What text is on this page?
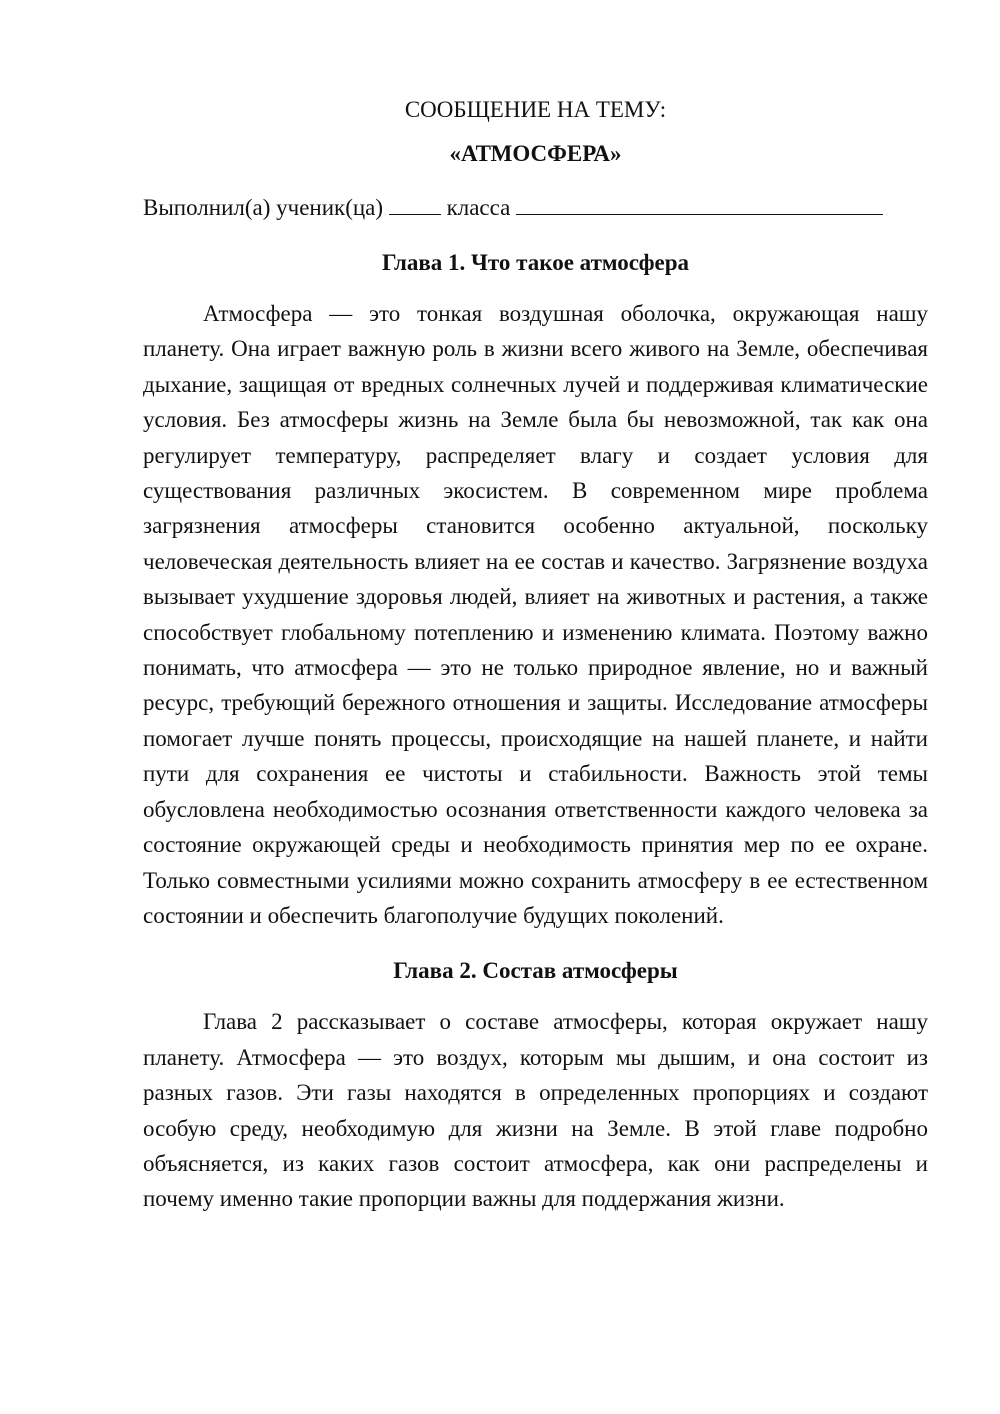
СООБЩЕНИЕ НА ТЕМУ:

«АТМОСФЕРА»

Выполнил(а) ученик(ца)	класса

Глава 1. Что такое атмосфера

Атмосфера — это тонкая воздушная оболочка, окружающая нашу планету. Она играет важную роль в жизни всего живого на Земле, обеспечивая дыхание, защищая от вредных солнечных лучей и поддерживая климатические условия. Без атмосферы жизнь на Земле была бы невозможной, так как она регулирует температуру, распределяет влагу и создает условия для существования различных экосистем. В современном мире проблема загрязнения атмосферы становится особенно актуальной, поскольку человеческая деятельность влияет на ее состав и качество. Загрязнение воздуха вызывает ухудшение здоровья людей, влияет на животных и растения, а также способствует глобальному потеплению и изменению климата. Поэтому важно понимать, что атмосфера — это не только природное явление, но и важный ресурс, требующий бережного отношения и защиты. Исследование атмосферы помогает лучше понять процессы, происходящие на нашей планете, и найти пути для сохранения ее чистоты и стабильности. Важность этой темы обусловлена необходимостью осознания ответственности каждого человека за состояние окружающей среды и необходимость принятия мер по ее охране. Только совместными усилиями можно сохранить атмосферу в ее естественном состоянии и обеспечить благополучие будущих поколений.

Глава 2. Состав атмосферы

Глава 2 рассказывает о составе атмосферы, которая окружает нашу планету. Атмосфера — это воздух, которым мы дышим, и она состоит из разных газов. Эти газы находятся в определенных пропорциях и создают особую среду, необходимую для жизни на Земле. В этой главе подробно объясняется, из каких газов состоит атмосфера, как они распределены и почему именно такие пропорции важны для поддержания жизни.
